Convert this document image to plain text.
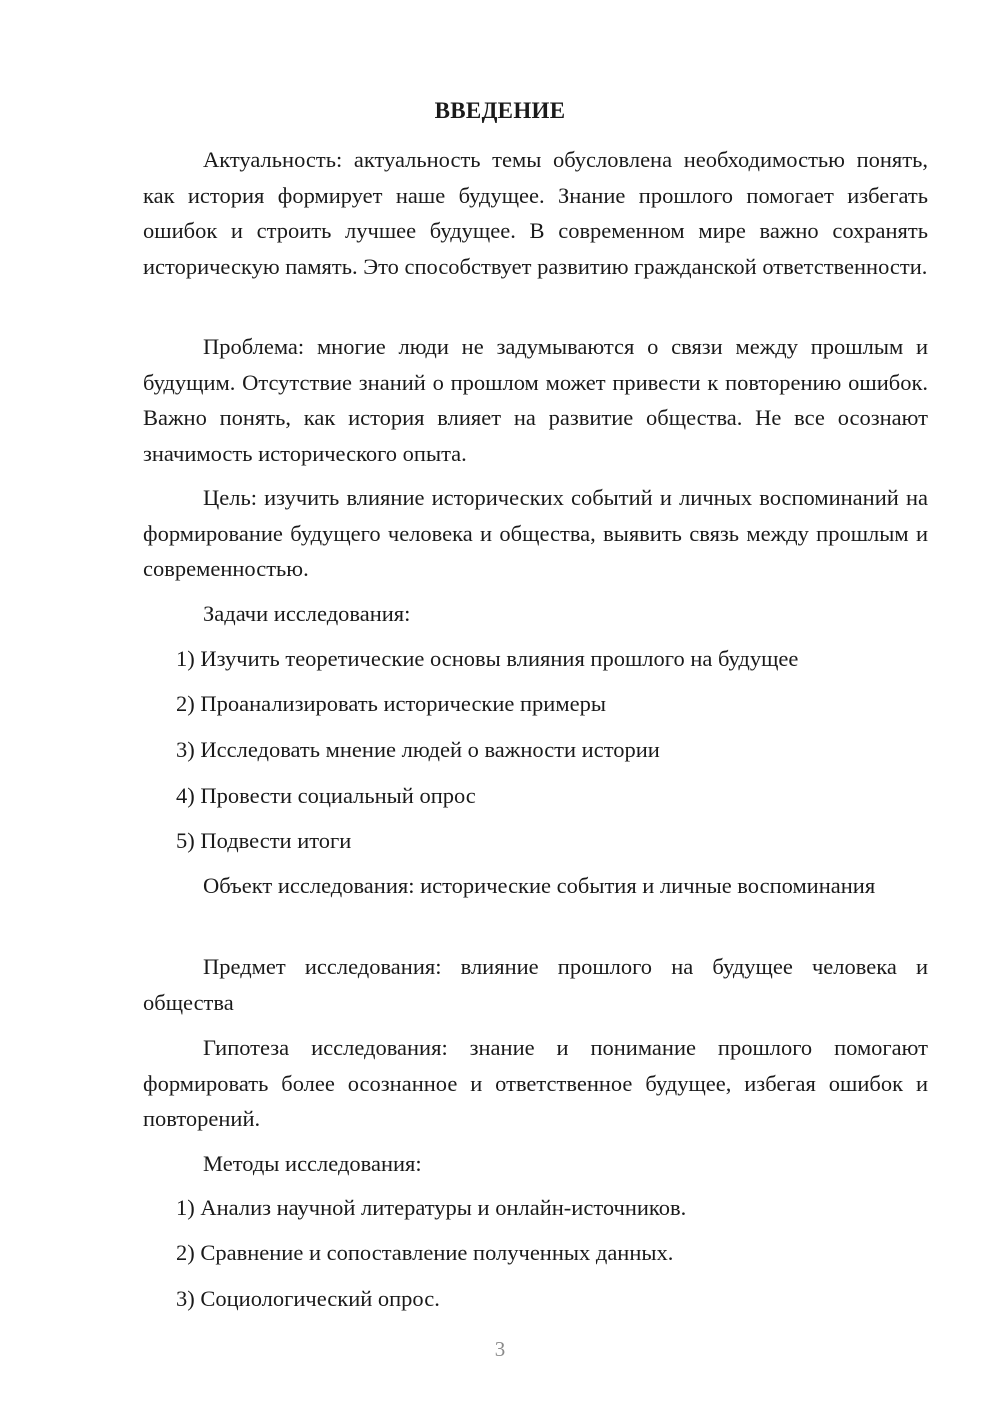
ВВЕДЕНИЕ

Актуальность: актуальность темы обусловлена необходимостью понять, как история формирует наше будущее. Знание прошлого помогает избегать ошибок и строить лучшее будущее. В современном мире важно сохранять историческую память. Это способствует развитию гражданской ответственности.

Проблема: многие люди не задумываются о связи между прошлым и будущим. Отсутствие знаний о прошлом может привести к повторению ошибок. Важно понять, как история влияет на развитие общества. Не все осознают значимость исторического опыта.

Цель: изучить влияние исторических событий и личных воспоминаний на формирование будущего человека и общества, выявить связь между прошлым и современностью.

Задачи исследования:
1) Изучить теоретические основы влияния прошлого на будущее
2) Проанализировать исторические примеры
3) Исследовать мнение людей о важности истории
4) Провести социальный опрос
5) Подвести итоги

Объект исследования: исторические события и личные воспоминания

Предмет исследования: влияние прошлого на будущее человека и общества

Гипотеза исследования: знание и понимание прошлого помогают формировать более осознанное и ответственное будущее, избегая ошибок и повторений.

Методы исследования:
1) Анализ научной литературы и онлайн-источников.
2) Сравнение и сопоставление полученных данных.
3) Социологический опрос.
3
